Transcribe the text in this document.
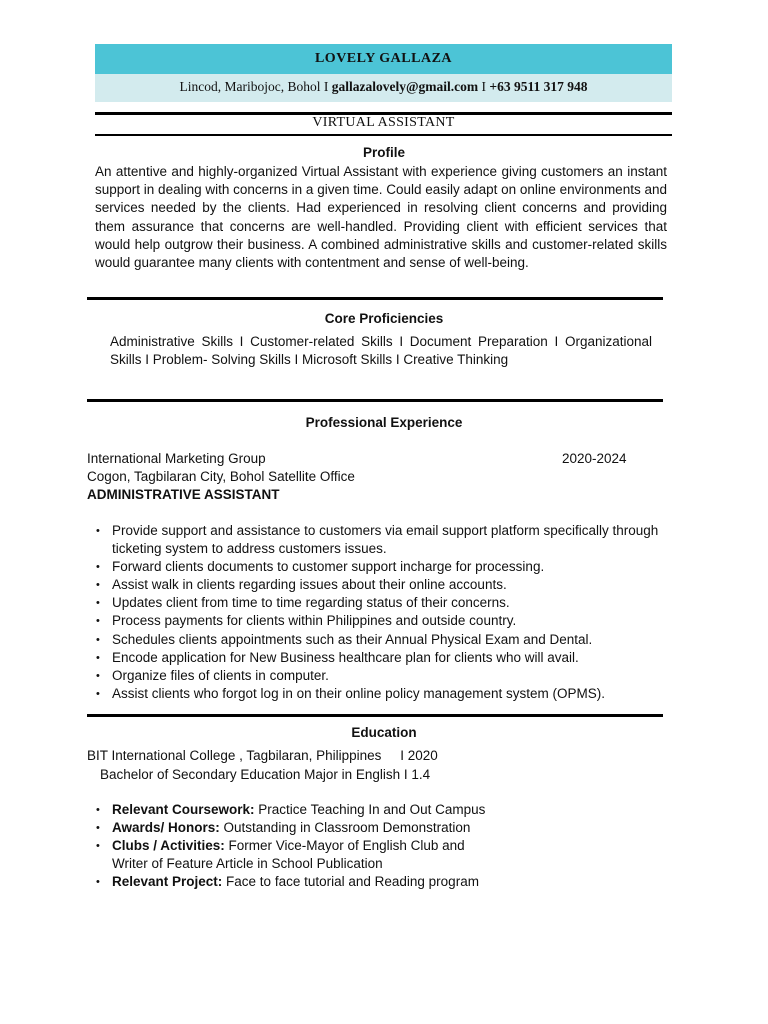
LOVELY GALLAZA
Lincod, Maribojoc, Bohol I gallazalovely@gmail.com I +63 9511 317 948
VIRTUAL ASSISTANT
Profile

An attentive and highly-organized Virtual Assistant with experience giving customers an instant support in dealing with concerns in a given time. Could easily adapt on online environments and services needed by the clients. Had experienced in resolving client concerns and providing them assurance that concerns are well-handled. Providing client with efficient services that would help outgrow their business. A combined administrative skills and customer-related skills would guarantee many clients with contentment and sense of well-being.

Core Proficiencies

Administrative Skills I Customer-related Skills I Document Preparation I Organizational Skills I Problem- Solving Skills I Microsoft Skills I Creative Thinking

Professional Experience
International Marketing Group	2020-2024
Cogon, Tagbilaran City, Bohol Satellite Office
ADMINISTRATIVE ASSISTANT
• Provide support and assistance to customers via email support platform specifically through ticketing system to address customers issues.
• Forward clients documents to customer support incharge for processing.
• Assist walk in clients regarding issues about their online accounts.
• Updates client from time to time regarding status of their concerns.
• Process payments for clients within Philippines and outside country.
• Schedules clients appointments such as their Annual Physical Exam and Dental.
• Encode application for New Business healthcare plan for clients who will avail.
• Organize files of clients in computer.
• Assist clients who forgot log in on their online policy management system (OPMS).
Education
BIT International College , Tagbilaran, Philippines     I 2020
Bachelor of Secondary Education Major in English I 1.4
• Relevant Coursework: Practice Teaching In and Out Campus
• Awards/ Honors: Outstanding in Classroom Demonstration
• Clubs / Activities: Former Vice-Mayor of English Club and Writer of Feature Article in School Publication
• Relevant Project: Face to face tutorial and Reading program
